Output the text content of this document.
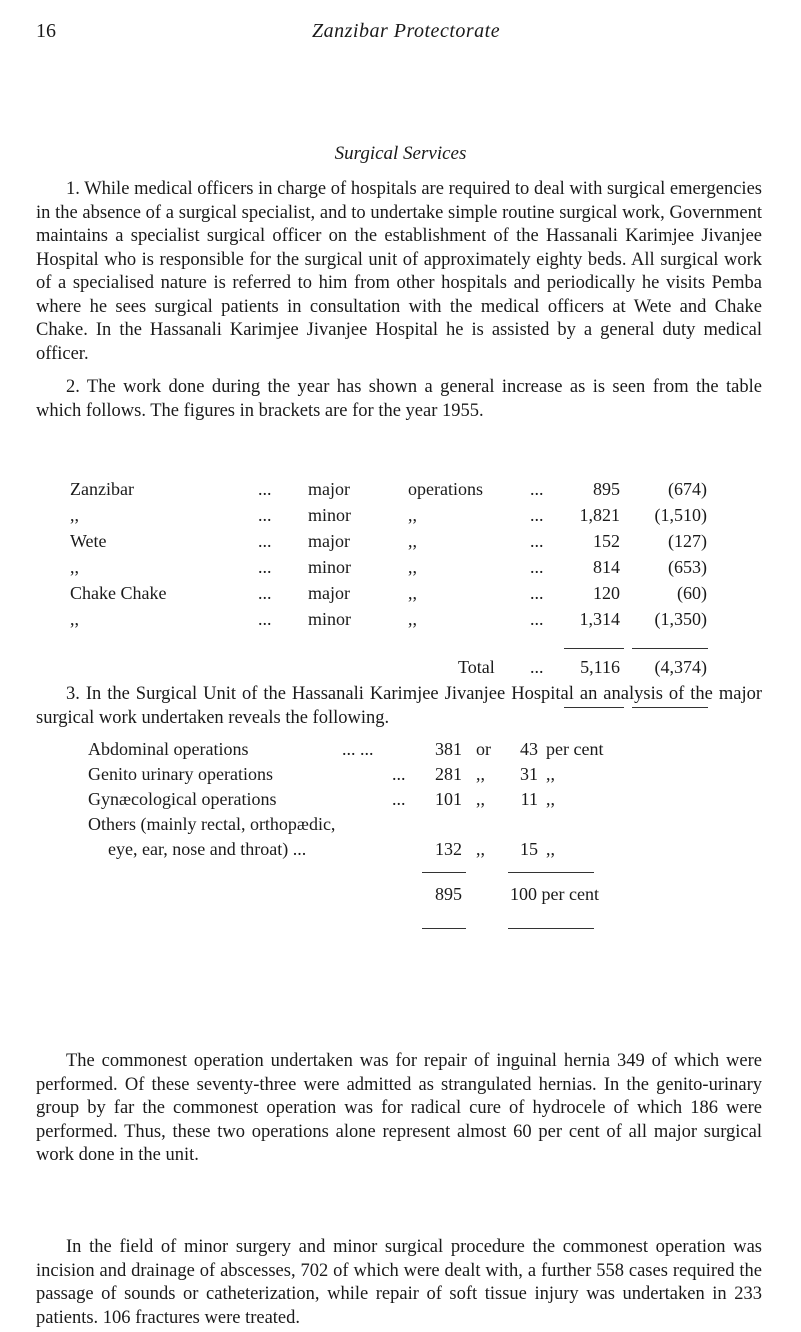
16	Zanzibar Protectorate
Surgical Services

1. While medical officers in charge of hospitals are required to deal with surgical emergencies in the absence of a surgical specialist, and to undertake simple routine surgical work, Government maintains a specialist surgical officer on the establishment of the Hassanali Karimjee Jivanjee Hospital who is responsible for the surgical unit of approximately eighty beds. All surgical work of a specialised nature is referred to him from other hospitals and periodically he visits Pemba where he sees surgical patients in consultation with the medical officers at Wete and Chake Chake. In the Hassanali Karimjee Jivanjee Hospital he is assisted by a general duty medical officer.

2. The work done during the year has shown a general increase as is seen from the table which follows. The figures in brackets are for the year 1955.

Zanzibar	... major	operations	...	895	(674)
,,	... minor	,,	...	1,821	(1,510)
Wete	... major	,,	...	152	(127)
,,	... minor	,,	...	814	(653)
Chake Chake	... major	,,	...	120	(60)
,,	... minor	,,	...	1,314	(1,350)
Total ...	5,116	(4,374)

3. In the Surgical Unit of the Hassanali Karimjee Jivanjee Hospital an analysis of the major surgical work undertaken reveals the following.

Abdominal operations	... ...	381 or	43 per cent
Genito urinary operations	...	281 ,,	31 ,,
Gynæcological operations	...	101 ,,	11 ,,
Others (mainly rectal, orthopædic,
eye, ear, nose and throat) ...	132 ,,	15 ,,
895	100 per cent

The commonest operation undertaken was for repair of inguinal hernia 349 of which were performed. Of these seventy-three were admitted as strangulated hernias. In the genito-urinary group by far the commonest operation was for radical cure of hydrocele of which 186 were performed. Thus, these two operations alone represent almost 60 per cent of all major surgical work done in the unit.

In the field of minor surgery and minor surgical procedure the commonest operation was incision and drainage of abscesses, 702 of which were dealt with, a further 558 cases required the passage of sounds or catheterization, while repair of soft tissue injury was undertaken in 233 patients. 106 fractures were treated.
